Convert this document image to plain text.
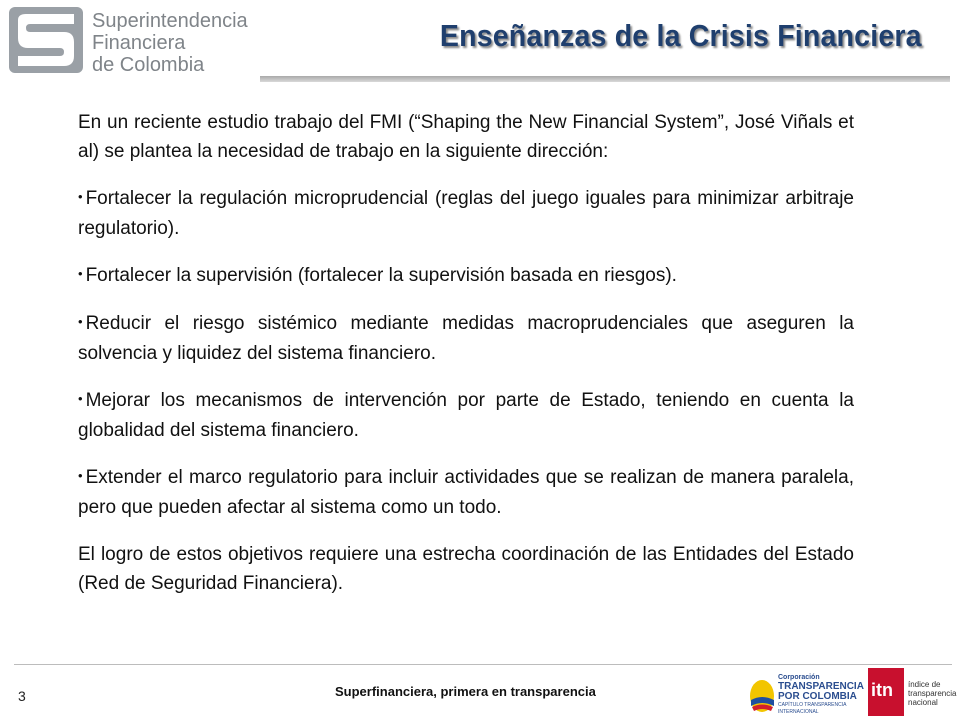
Superintendencia
Financiera
de Colombia
Enseñanzas de la Crisis Financiera

En un reciente estudio trabajo del FMI (“Shaping the New Financial System”, José Viñals et al) se plantea la necesidad de trabajo en la siguiente dirección:

• Fortalecer la regulación microprudencial (reglas del juego iguales para minimizar arbitraje regulatorio).

• Fortalecer la supervisión (fortalecer la supervisión basada en riesgos).

• Reducir el riesgo sistémico mediante medidas macroprudenciales que aseguren la solvencia y liquidez del sistema financiero.

• Mejorar los mecanismos de intervención por parte de Estado, teniendo en cuenta la globalidad del sistema financiero.

• Extender el marco regulatorio para incluir actividades que se realizan de manera paralela, pero que pueden afectar al sistema como un todo.

El logro de estos objetivos requiere una estrecha coordinación de las Entidades del Estado (Red de Seguridad Financiera).

3	Superfinanciera, primera en transparencia
Corporación
TRANSPARENCIA
POR COLOMBIA
CAPÍTULO TRANSPARENCIA INTERNACIONAL
itn índice de
transparencia
nacional
